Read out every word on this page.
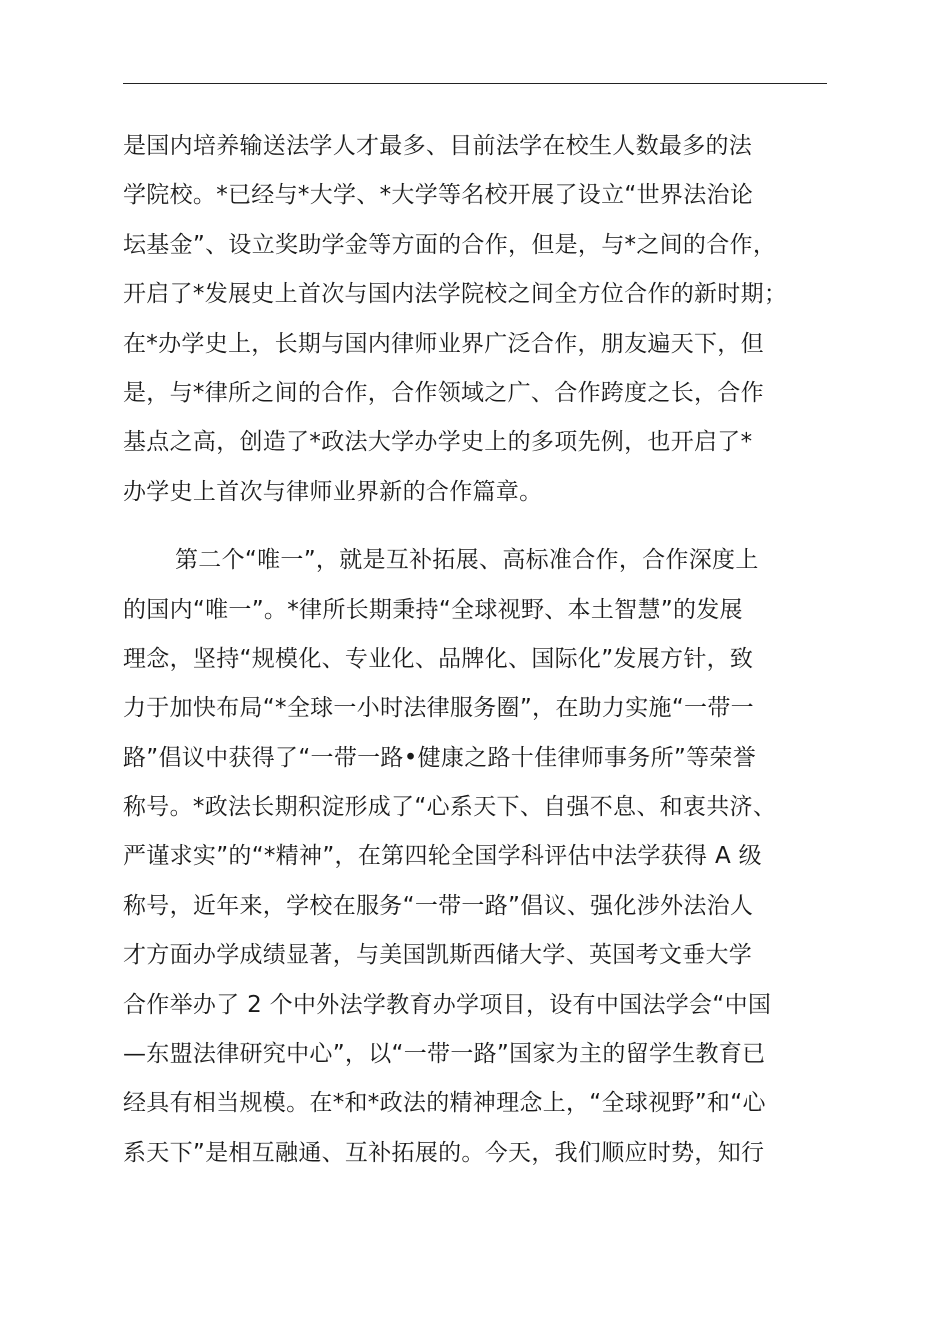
是国内培养输送法学人才最多、目前法学在校生人数最多的法
学院校。*已经与*大学、*大学等名校开展了设立“世界法治论
坛基金”、设立奖助学金等方面的合作，但是，与*之间的合作，
开启了*发展史上首次与国内法学院校之间全方位合作的新时期；
在*办学史上，长期与国内律师业界广泛合作，朋友遍天下，但
是，与*律所之间的合作，合作领域之广、合作跨度之长，合作
基点之高，创造了*政法大学办学史上的多项先例，也开启了*
办学史上首次与律师业界新的合作篇章。
第二个“唯一”，就是互补拓展、高标准合作，合作深度上
的国内“唯一”。*律所长期秉持“全球视野、本土智慧”的发展
理念，坚持“规模化、专业化、品牌化、国际化”发展方针，致
力于加快布局“*全球一小时法律服务圈”，在助力实施“一带一
路”倡议中获得了“一带一路•健康之路十佳律师事务所”等荣誉
称号。*政法长期积淀形成了“心系天下、自强不息、和衷共济、
严谨求实”的“*精神”，在第四轮全国学科评估中法学获得 A 级
称号，近年来，学校在服务“一带一路”倡议、强化涉外法治人
才方面办学成绩显著，与美国凯斯西储大学、英国考文垂大学
合作举办了 2 个中外法学教育办学项目，设有中国法学会“中国
—东盟法律研究中心”，以“一带一路”国家为主的留学生教育已
经具有相当规模。在*和*政法的精神理念上，“全球视野”和“心
系天下”是相互融通、互补拓展的。今天，我们顺应时势，知行
